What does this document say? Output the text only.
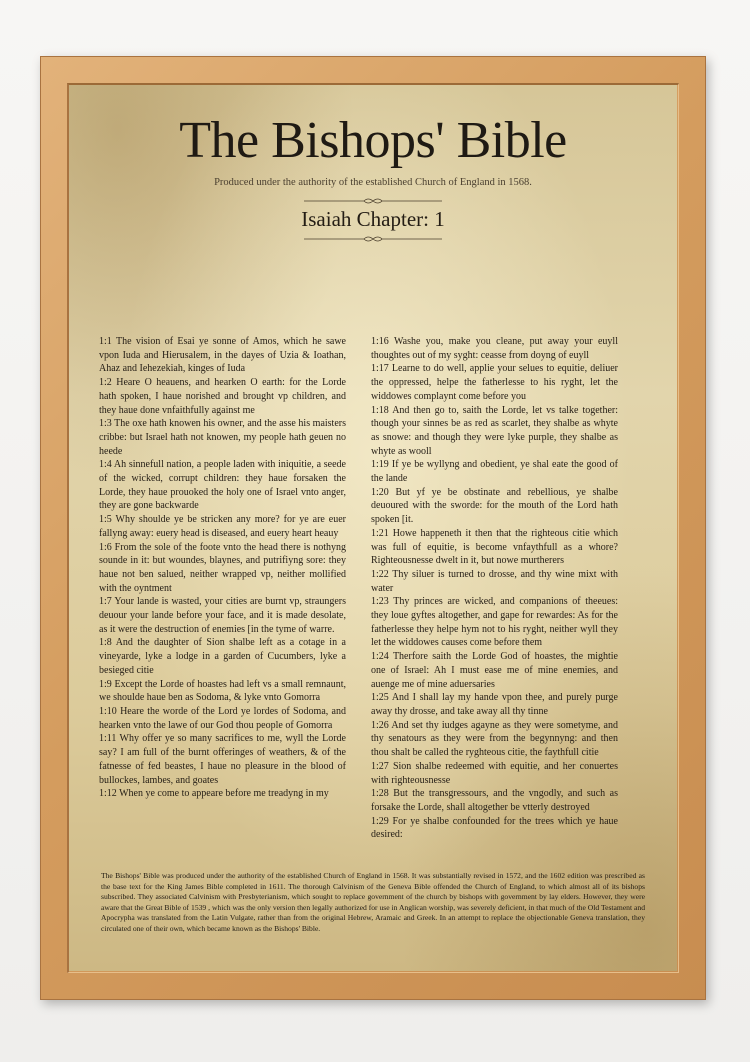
The Bishops' Bible
Produced under the authority of the established Church of England in 1568.
Isaiah Chapter: 1
1:1 The vision of Esai ye sonne of Amos, which he sawe vpon Iuda and Hierusalem, in the dayes of Uzia & Ioathan, Ahaz and Iehezekiah, kinges of Iuda
1:2 Heare O heauens, and hearken O earth: for the Lorde hath spoken, I haue norished and brought vp children, and they haue done vnfaithfully against me
1:3 The oxe hath knowen his owner, and the asse his maisters cribbe: but Israel hath not knowen, my people hath geuen no heede
1:4 Ah sinnefull nation, a people laden with iniquitie, a seede of the wicked, corrupt children: they haue forsaken the Lorde, they haue prouoked the holy one of Israel vnto anger, they are gone backwarde
1:5 Why shoulde ye be stricken any more? for ye are euer fallyng away: euery head is diseased, and euery heart heauy
1:6 From the sole of the foote vnto the head there is nothyng sounde in it: but woundes, blaynes, and putrifiyng sore: they haue not ben salued, neither wrapped vp, neither mollified with the oyntment
1:7 Your lande is wasted, your cities are burnt vp, straungers deuour your lande before your face, and it is made desolate, as it were the destruction of enemies [in the tyme of warre.
1:8 And the daughter of Sion shalbe left as a cotage in a vineyarde, lyke a lodge in a garden of Cucumbers, lyke a besieged citie
1:9 Except the Lorde of hoastes had left vs a small remnaunt, we shoulde haue ben as Sodoma, & lyke vnto Gomorra
1:10 Heare the worde of the Lord ye lordes of Sodoma, and hearken vnto the lawe of our God thou people of Gomorra
1:11 Why offer ye so many sacrifices to me, wyll the Lorde say? I am full of the burnt offeringes of weathers, & of the fatnesse of fed beastes, I haue no pleasure in the blood of bullockes, lambes, and goates
1:12 When ye come to appeare before me treadyng in my
1:16 Washe you, make you cleane, put away your euyll thoughtes out of my syght: ceasse from doyng of euyll
1:17 Learne to do well, applie your selues to equitie, deliuer the oppressed, helpe the fatherlesse to his ryght, let the widdowes complaynt come before you
1:18 And then go to, saith the Lorde, let vs talke together: though your sinnes be as red as scarlet, they shalbe as whyte as snowe: and though they were lyke purple, they shalbe as whyte as wooll
1:19 If ye be wyllyng and obedient, ye shal eate the good of the lande
1:20 But yf ye be obstinate and rebellious, ye shalbe deuoured with the sworde: for the mouth of the Lord hath spoken [it.
1:21 Howe happeneth it then that the righteous citie which was full of equitie, is become vnfaythfull as a whore? Righteousnesse dwelt in it, but nowe murtherers
1:22 Thy siluer is turned to drosse, and thy wine mixt with water
1:23 Thy princes are wicked, and companions of theeues: they loue gyftes altogether, and gape for rewardes: As for the fatherlesse they helpe hym not to his ryght, neither wyll they let the widdowes causes come before them
1:24 Therfore saith the Lorde God of hoastes, the mightie one of Israel: Ah I must ease me of mine enemies, and auenge me of mine aduersaries
1:25 And I shall lay my hande vpon thee, and purely purge away thy drosse, and take away all thy tinne
1:26 And set thy iudges agayne as they were sometyme, and thy senatours as they were from the begynnyng: and then thou shalt be called the ryghteous citie, the faythfull citie
1:27 Sion shalbe redeemed with equitie, and her conuertes with righteousnesse
1:28 But the transgressours, and the vngodly, and such as forsake the Lorde, shall altogether be vtterly destroyed
1:29 For ye shalbe confounded for the trees which ye haue desired:
The Bishops' Bible was produced under the authority of the established Church of England in 1568. It was substantially revised in 1572, and the 1602 edition was prescribed as the base text for the King James Bible completed in 1611. The thorough Calvinism of the Geneva Bible offended the Church of England, to which almost all of its bishops subscribed. They associated Calvinism with Presbyterianism, which sought to replace government of the church by bishops with government by lay elders. However, they were aware that the Great Bible of 1539 , which was the only version then legally authorized for use in Anglican worship, was severely deficient, in that much of the Old Testament and Apocrypha was translated from the Latin Vulgate, rather than from the original Hebrew, Aramaic and Greek. In an attempt to replace the objectionable Geneva translation, they circulated one of their own, which became known as the Bishops' Bible.
